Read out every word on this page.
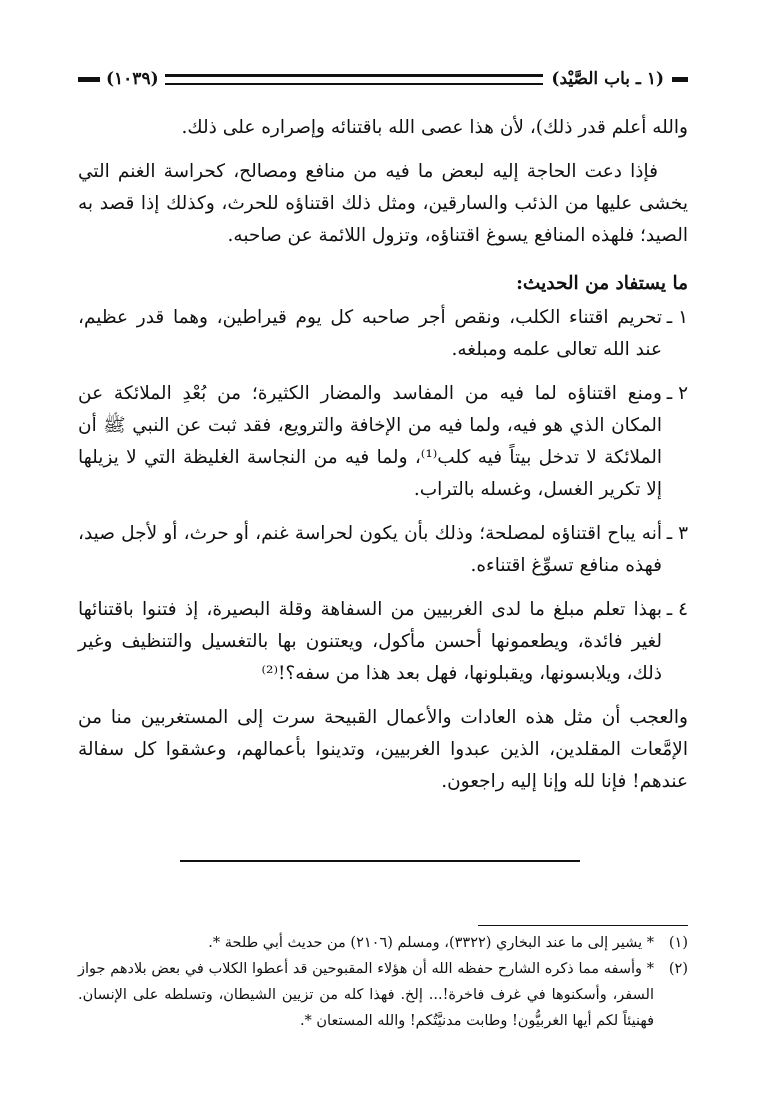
(١ ـ باب الصَّيْد)
(١٠٣٩)

والله أعلم قدر ذلك)، لأن هذا عصى الله باقتنائه وإصراره على ذلك.

فإذا دعت الحاجة إليه لبعض ما فيه من منافع ومصالح، كحراسة الغنم التي يخشى عليها من الذئب والسارقين، ومثل ذلك اقتناؤه للحرث، وكذلك إذا قصد به الصيد؛ فلهذه المنافع يسوغ اقتناؤه، وتزول اللائمة عن صاحبه.

ما يستفاد من الحديث:
١ ـ
تحريم اقتناء الكلب، ونقص أجر صاحبه كل يوم قيراطين، وهما قدر عظيم، عند الله تعالى علمه ومبلغه.
٢ ـ
ومنع اقتناؤه لما فيه من المفاسد والمضار الكثيرة؛ من بُعْدِ الملائكة عن المكان الذي هو فيه، ولما فيه من الإخافة والترويع، فقد ثبت عن النبي ﷺ أن الملائكة لا تدخل بيتاً فيه كلب⁽¹⁾، ولما فيه من النجاسة الغليظة التي لا يزيلها إلا تكرير الغسل، وغسله بالتراب.
٣ ـ
أنه يباح اقتناؤه لمصلحة؛ وذلك بأن يكون لحراسة غنم، أو حرث، أو لأجل صيد، فهذه منافع تسوِّغ اقتناءه.
٤ ـ
بهذا تعلم مبلغ ما لدى الغربيين من السفاهة وقلة البصيرة، إذ فتنوا باقتنائها لغير فائدة، ويطعمونها أحسن مأكول، ويعتنون بها بالتغسيل والتنظيف وغير ذلك، ويلابسونها، ويقبلونها، فهل بعد هذا من سفه؟!⁽²⁾

والعجب أن مثل هذه العادات والأعمال القبيحة سرت إلى المستغربين منا من الإمَّعات المقلدين، الذين عبدوا الغربيين، وتدينوا بأعمالهم، وعشقوا كل سفالة عندهم! فإنا لله وإنا إليه راجعون.

(١)
* يشير إلى ما عند البخاري (٣٣٢٢)، ومسلم (٢١٠٦) من حديث أبي طلحة *.
(٢)
* وأسفه مما ذكره الشارح حفظه الله أن هؤلاء المقبوحين قد أعطوا الكلاب في بعض بلادهم جواز السفر، وأسكنوها في غرف فاخرة!... إلخ. فهذا كله من تزيين الشيطان، وتسلطه على الإنسان. فهنيئاً لكم أيها الغربيُّون! وطابت مدنيَّتُكم! والله المستعان *.
